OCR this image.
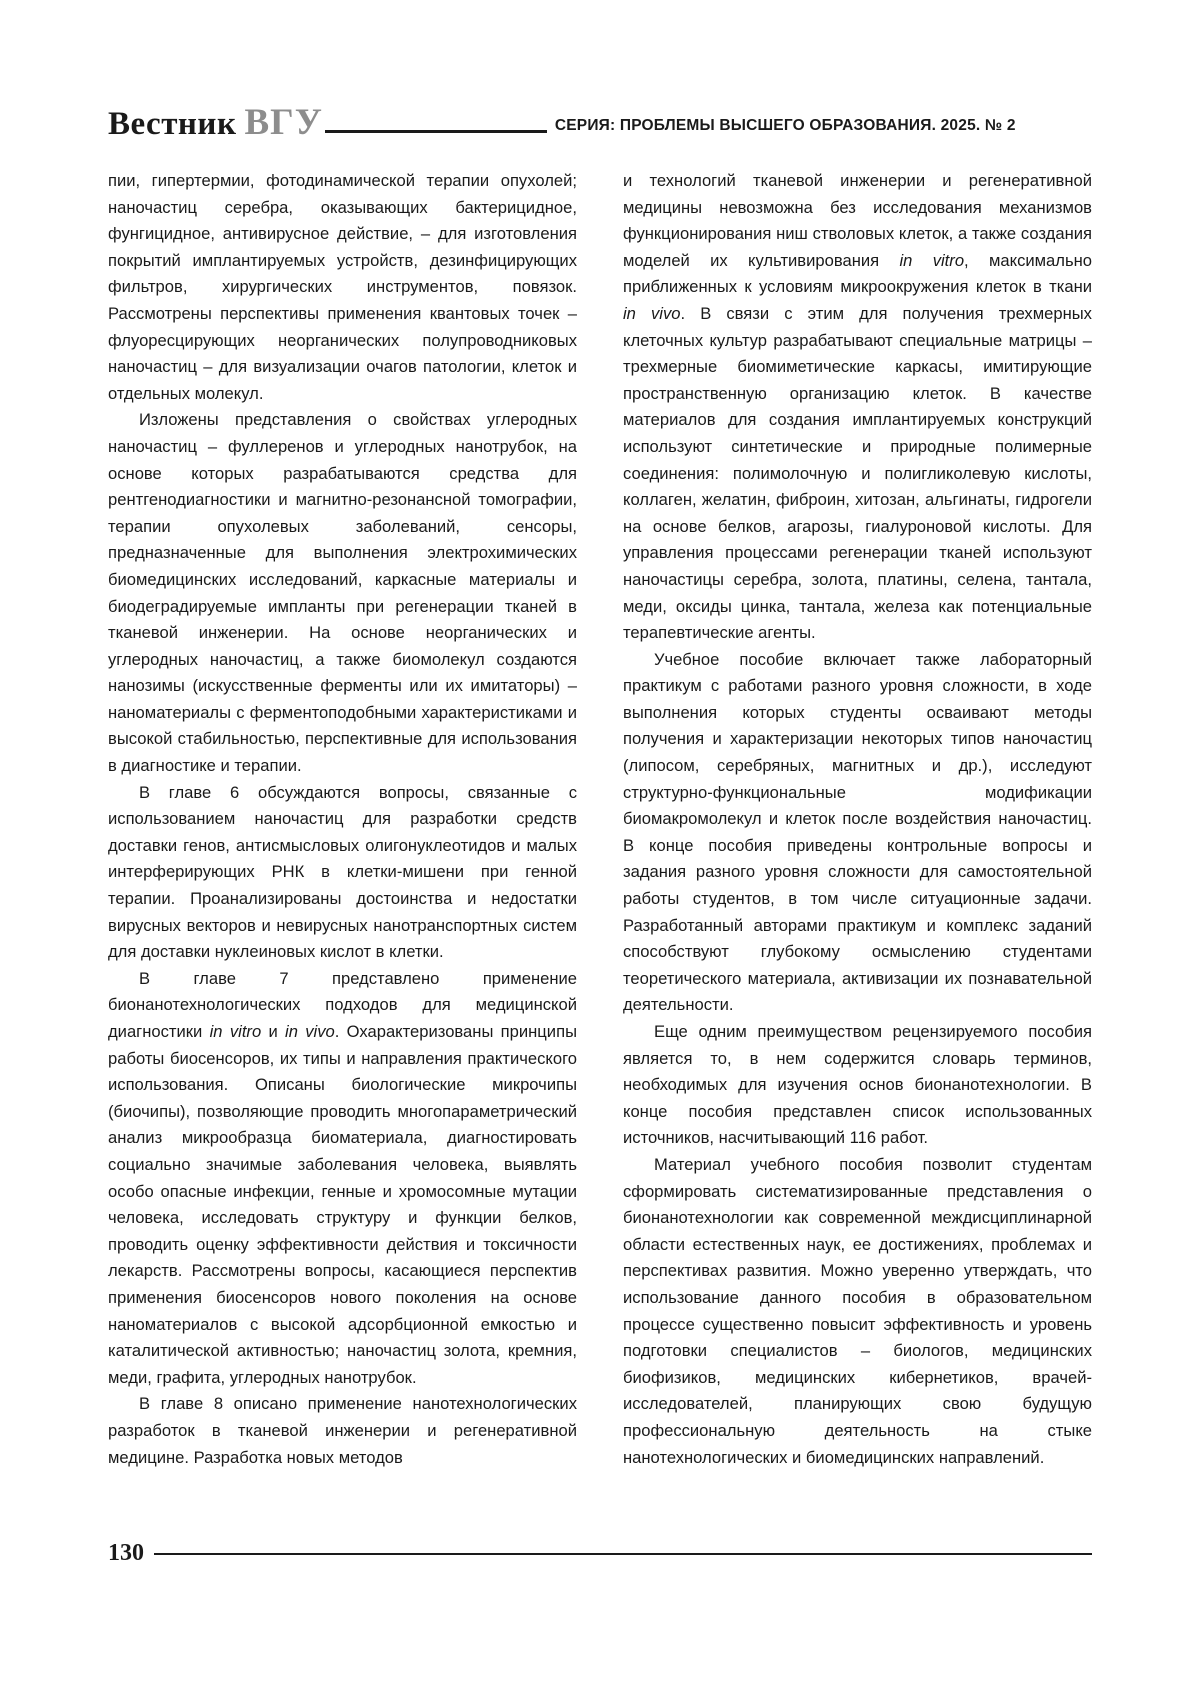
Вестник ВГУ	СЕРИЯ: ПРОБЛЕМЫ ВЫСШЕГО ОБРАЗОВАНИЯ. 2025. № 2

пии, гипертермии, фотодинамической терапии опухолей; наночастиц серебра, оказывающих бактерицидное, фунгицидное, антивирусное действие, – для изготовления покрытий имплантируемых устройств, дезинфицирующих фильтров, хирургических инструментов, повязок. Рассмотрены перспективы применения квантовых точек – флуоресцирующих неорганических полупроводниковых наночастиц – для визуализации очагов патологии, клеток и отдельных молекул.

Изложены представления о свойствах углеродных наночастиц – фуллеренов и углеродных нанотрубок, на основе которых разрабатываются средства для рентгенодиагностики и магнитно-резонансной томографии, терапии опухолевых заболеваний, сенсоры, предназначенные для выполнения электрохимических биомедицинских исследований, каркасные материалы и биодеградируемые импланты при регенерации тканей в тканевой инженерии. На основе неорганических и углеродных наночастиц, а также биомолекул создаются нанозимы (искусственные ферменты или их имитаторы) – наноматериалы с ферментоподобными характеристиками и высокой стабильностью, перспективные для использования в диагностике и терапии.

В главе 6 обсуждаются вопросы, связанные с использованием наночастиц для разработки средств доставки генов, антисмысловых олигонуклеотидов и малых интерферирующих РНК в клетки-мишени при генной терапии. Проанализированы достоинства и недостатки вирусных векторов и невирусных нанотранспортных систем для доставки нуклеиновых кислот в клетки.

В главе 7 представлено применение бионанотехнологических подходов для медицинской диагностики in vitro и in vivo. Охарактеризованы принципы работы биосенсоров, их типы и направления практического использования. Описаны биологические микрочипы (биочипы), позволяющие проводить многопараметрический анализ микрообразца биоматериала, диагностировать социально значимые заболевания человека, выявлять особо опасные инфекции, генные и хромосомные мутации человека, исследовать структуру и функции белков, проводить оценку эффективности действия и токсичности лекарств. Рассмотрены вопросы, касающиеся перспектив применения биосенсоров нового поколения на основе наноматериалов с высокой адсорбционной емкостью и каталитической активностью; наночастиц золота, кремния, меди, графита, углеродных нанотрубок.

В главе 8 описано применение нанотехнологических разработок в тканевой инженерии и регенеративной медицине. Разработка новых методов

и технологий тканевой инженерии и регенеративной медицины невозможна без исследования механизмов функционирования ниш стволовых клеток, а также создания моделей их культивирования in vitro, максимально приближенных к условиям микроокружения клеток в ткани in vivo. В связи с этим для получения трехмерных клеточных культур разрабатывают специальные матрицы – трехмерные биомиметические каркасы, имитирующие пространственную организацию клеток. В качестве материалов для создания имплантируемых конструкций используют синтетические и природные полимерные соединения: полимолочную и полигликолевую кислоты, коллаген, желатин, фиброин, хитозан, альгинаты, гидрогели на основе белков, агарозы, гиалуроновой кислоты. Для управления процессами регенерации тканей используют наночастицы серебра, золота, платины, селена, тантала, меди, оксиды цинка, тантала, железа как потенциальные терапевтические агенты.

Учебное пособие включает также лабораторный практикум с работами разного уровня сложности, в ходе выполнения которых студенты осваивают методы получения и характеризации некоторых типов наночастиц (липосом, серебряных, магнитных и др.), исследуют структурно-функциональные модификации биомакромолекул и клеток после воздействия наночастиц. В конце пособия приведены контрольные вопросы и задания разного уровня сложности для самостоятельной работы студентов, в том числе ситуационные задачи. Разработанный авторами практикум и комплекс заданий способствуют глубокому осмыслению студентами теоретического материала, активизации их познавательной деятельности.

Еще одним преимуществом рецензируемого пособия является то, в нем содержится словарь терминов, необходимых для изучения основ бионанотехнологии. В конце пособия представлен список использованных источников, насчитывающий 116 работ.

Материал учебного пособия позволит студентам сформировать систематизированные представления о бионанотехнологии как современной междисциплинарной области естественных наук, ее достижениях, проблемах и перспективах развития. Можно уверенно утверждать, что использование данного пособия в образовательном процессе существенно повысит эффективность и уровень подготовки специалистов – биологов, медицинских биофизиков, медицинских кибернетиков, врачей-исследователей, планирующих свою будущую профессиональную деятельность на стыке нанотехнологических и биомедицинских направлений.

130
